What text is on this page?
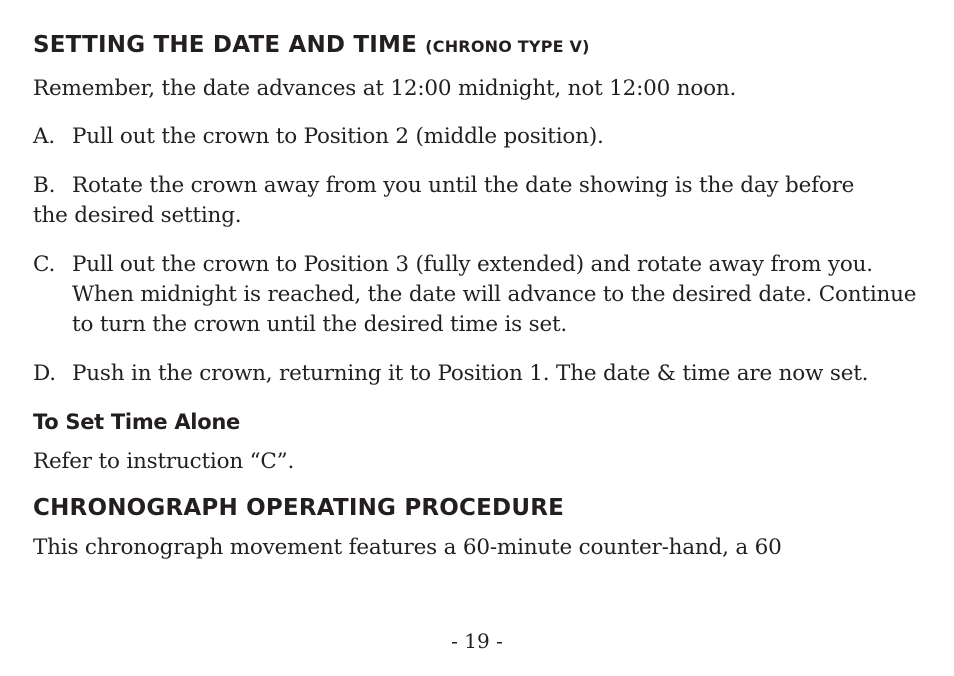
SETTING THE DATE AND TIME (CHRONO TYPE V)

Remember, the date advances at 12:00 midnight, not 12:00 noon.

A. Pull out the crown to Position 2 (middle position).

B. Rotate the crown away from you until the date showing is the day before the desired setting.

C. Pull out the crown to Position 3 (fully extended) and rotate away from you. When midnight is reached, the date will advance to the desired date. Continue to turn the crown until the desired time is set.

D. Push in the crown, returning it to Position 1. The date & time are now set.

To Set Time Alone

Refer to instruction “C”.

CHRONOGRAPH OPERATING PROCEDURE

This chronograph movement features a 60-minute counter-hand, a 60

- 19 -
